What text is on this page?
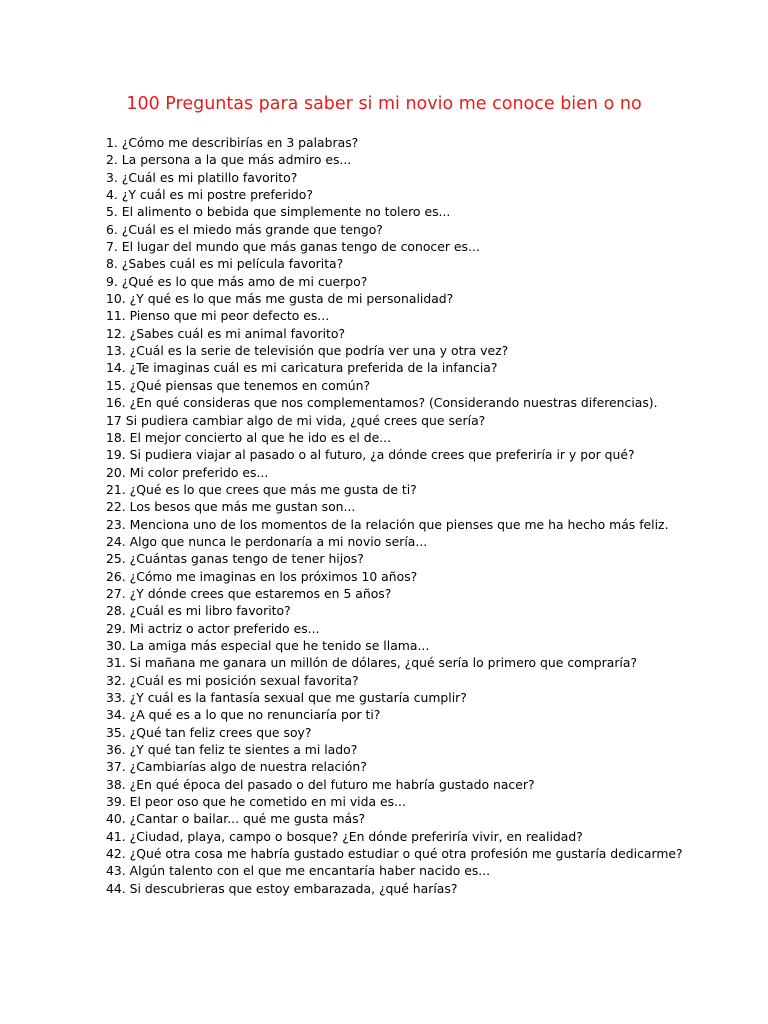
100 Preguntas para saber si mi novio me conoce bien o no
1. ¿Cómo me describirías en 3 palabras?
2. La persona a la que más admiro es...
3. ¿Cuál es mi platillo favorito?
4. ¿Y cuál es mi postre preferido?
5. El alimento o bebida que simplemente no tolero es...
6. ¿Cuál es el miedo más grande que tengo?
7. El lugar del mundo que más ganas tengo de conocer es...
8. ¿Sabes cuál es mi película favorita?
9. ¿Qué es lo que más amo de mi cuerpo?
10. ¿Y qué es lo que más me gusta de mi personalidad?
11. Pienso que mi peor defecto es...
12. ¿Sabes cuál es mi animal favorito?
13. ¿Cuál es la serie de televisión que podría ver una y otra vez?
14. ¿Te imaginas cuál es mi caricatura preferida de la infancia?
15. ¿Qué piensas que tenemos en común?
16. ¿En qué consideras que nos complementamos? (Considerando nuestras diferencias).
17 Si pudiera cambiar algo de mi vida, ¿qué crees que sería?
18. El mejor concierto al que he ido es el de...
19. Si pudiera viajar al pasado o al futuro, ¿a dónde crees que preferiría ir y por qué?
20. Mi color preferido es...
21. ¿Qué es lo que crees que más me gusta de ti?
22. Los besos que más me gustan son...
23. Menciona uno de los momentos de la relación que pienses que me ha hecho más feliz.
24. Algo que nunca le perdonaría a mi novio sería...
25. ¿Cuántas ganas tengo de tener hijos?
26. ¿Cómo me imaginas en los próximos 10 años?
27. ¿Y dónde crees que estaremos en 5 años?
28. ¿Cuál es mi libro favorito?
29. Mi actriz o actor preferido es...
30. La amiga más especial que he tenido se llama...
31. Si mañana me ganara un millón de dólares, ¿qué sería lo primero que compraría?
32. ¿Cuál es mi posición sexual favorita?
33. ¿Y cuál es la fantasía sexual que me gustaría cumplir?
34. ¿A qué es a lo que no renunciaría por ti?
35. ¿Qué tan feliz crees que soy?
36. ¿Y qué tan feliz te sientes a mi lado?
37. ¿Cambiarías algo de nuestra relación?
38. ¿En qué época del pasado o del futuro me habría gustado nacer?
39. El peor oso que he cometido en mi vida es...
40. ¿Cantar o bailar... qué me gusta más?
41. ¿Ciudad, playa, campo o bosque? ¿En dónde preferiría vivir, en realidad?
42. ¿Qué otra cosa me habría gustado estudiar o qué otra profesión me gustaría dedicarme?
43. Algún talento con el que me encantaría haber nacido es...
44. Si descubrieras que estoy embarazada, ¿qué harías?
